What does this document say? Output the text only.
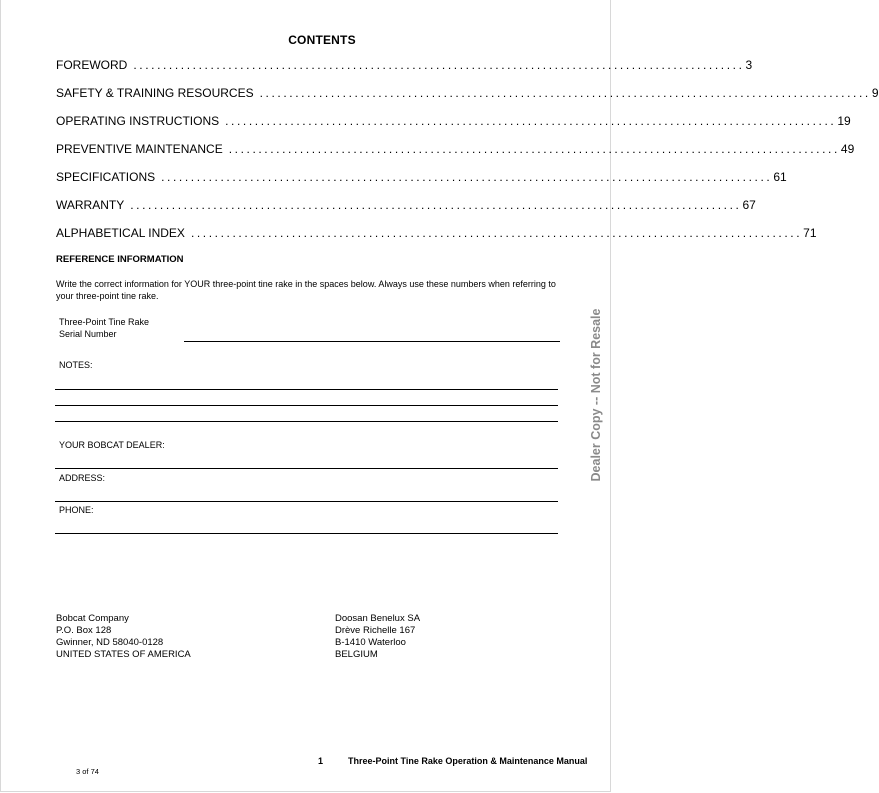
CONTENTS
FOREWORD ....................................................................................................... 3
SAFETY & TRAINING RESOURCES ....................................................................................................... 9
OPERATING INSTRUCTIONS ....................................................................................................... 19
PREVENTIVE MAINTENANCE ....................................................................................................... 49
SPECIFICATIONS ....................................................................................................... 61
WARRANTY ....................................................................................................... 67
ALPHABETICAL INDEX ....................................................................................................... 71
REFERENCE INFORMATION
Write the correct information for YOUR three-point tine rake in the spaces below. Always use these numbers when referring to your three-point tine rake.
Three-Point Tine Rake
Serial Number
NOTES:
YOUR BOBCAT DEALER:
ADDRESS:
PHONE:
Bobcat Company
P.O. Box 128
Gwinner, ND 58040-0128
UNITED STATES OF AMERICA
Doosan Benelux SA
Drève Richelle 167
B-1410 Waterloo
BELGIUM
Dealer Copy -- Not for Resale
1	Three-Point Tine Rake Operation & Maintenance Manual
3 of 74
